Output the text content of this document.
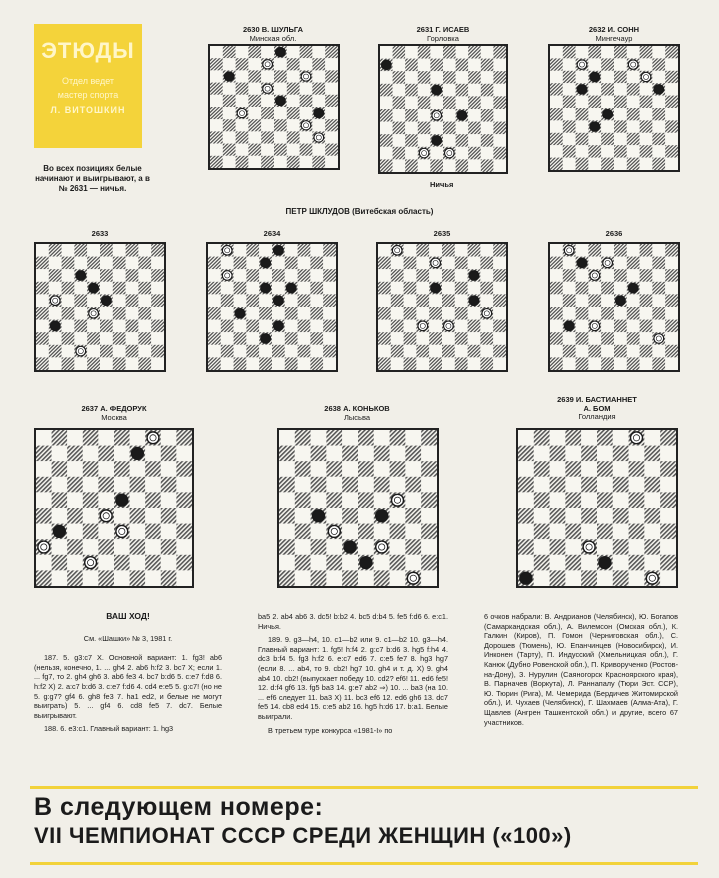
ЭТЮДЫ
Отдел ведет
мастер спорта
Л. ВИТОШКИН
Во всех позициях белые начинают и выигрывают, а в № 2631 — ничья.
2630 В. ШУЛЬГА
Минская обл.
2631 Г. ИСАЕВ
Горловка
Ничья
2632 И. СОНН
Мингечаур
ПЕТР ШКЛУДОВ (Витебская область)
2633	2634	2635	2636
2637 А. ФЕДОРУК
Москва
2638 А. КОНЬКОВ
Лысьва
2639 И. БАСТИАННЕТ
А. БОМ
Голландия

ВАШ ХОД!

См. «Шашки» № 3, 1981 г.

187. 5. g3:c7 X. Основной вариант: 1. fg3! ab6 (нельзя, конечно, 1. ... gh4 2. ab6 h:f2 3. bc7 X; если 1. ... fg7, то 2. gh4 gh6 3. ab6 fe3 4. bc7 b:d6 5. c:e7 f:d8 6. h:f2 X) 2. a:c7 b:d6 3. c:e7 f:d6 4. cd4 e:e5 5. g:c7! (но не 5. g:g7? gf4 6. gh8 fe3 7. ha1 ed2, и белые не могут выиграть) 5. ... gf4 6. cd8 fe5 7. dc7. Белые выигрывают.

188. 6. e3:c1. Главный вариант: 1. hg3

ba5 2. ab4 ab6 3. dc5! b:b2 4. bc5 d:b4 5. fe5 f:d6 6. e:c1. Ничья.

189. 9. g3—h4, 10. c1—b2 или 9. c1—b2 10. g3—h4. Главный вариант: 1. fg5! h:f4 2. g:c7 b:d6 3. hg5 f:h4 4. dc3 b:f4 5. fg3 h:f2 6. e:c7 ed6 7. c:e5 fe7 8. hg3 hg7 (если 8. ... ab4, то 9. cb2! hg7 10. gh4 и т. д. X) 9. gh4 ab4 10. cb2! (выпускает победу 10. cd2? ef6! 11. ed6 fe5! 12. d:f4 gf6 13. fg5 ba3 14. g:e7 ab2 ⇒) 10. ... ba3 (на 10. ... ef6 следует 11. ba3 X) 11. bc3 ef6 12. ed6 gh6 13. dc7 fe5 14. cb8 ed4 15. c:e5 ab2 16. hg5 h:d6 17. b:a1. Белые выиграли.

В третьем туре конкурса «1981-I» по

6 очков набрали: В. Андрианов (Челябинск), Ю. Богапов (Самаркандская обл.), А. Вилемсон (Омская обл.), К. Галкин (Киров), П. Гомон (Черниговская обл.), С. Дорошев (Тюмень), Ю. Епанчинцев (Новосибирск), И. Инконен (Тарту), П. Индусский (Хмельницкая обл.), Г. Канюк (Дубно Ровенской обл.), П. Криворученко (Ростов-на-Дону), З. Нурулин (Саяногорск Красноярского края), В. Парначев (Воркута), Л. Раннапалу (Тюри Эст. ССР), Ю. Тюрин (Рига), М. Чемерида (Бердичев Житомирской обл.), И. Чухаев (Челябинск), Г. Шахмаев (Алма-Ата), Г. Щавлев (Ангрен Ташкентской обл.) и другие, всего 67 участников.

В следующем номере:
VII ЧЕМПИОНАТ СССР СРЕДИ ЖЕНЩИН («100»)
